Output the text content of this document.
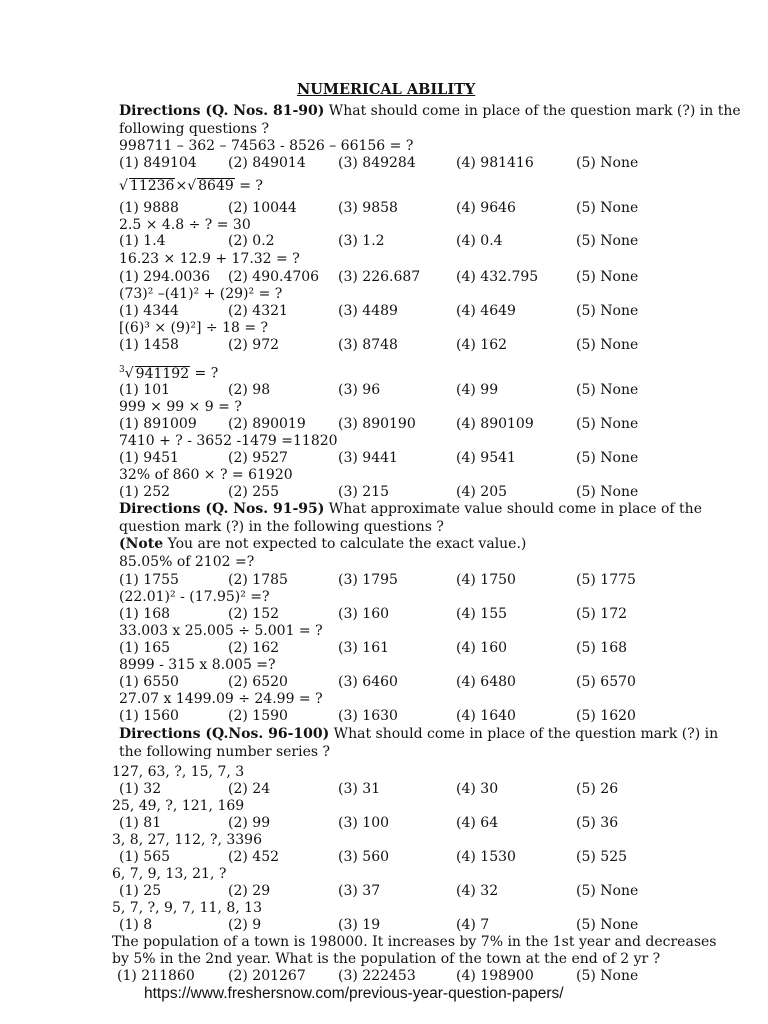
NUMERICAL ABILITY
Directions (Q. Nos. 81-90) What should come in place of the question mark (?) in the
following questions ?
998711 – 362 – 74563 - 8526 – 66156 = ?
(1) 849104 (2) 849014 (3) 849284	(4) 981416	(5) None
√ 11236×√ 8649 = ?
(1) 9888	(2) 10044	(3) 9858	(4) 9646	(5) None
2.5 × 4.8 ÷ ? = 30
(1) 1.4	(2) 0.2	(3) 1.2	(4) 0.4	(5) None
16.23 × 12.9 + 17.32 = ?
(1) 294.0036 (2) 490.4706 (3) 226.687	(4) 432.795	(5) None
(73)² –(41)² + (29)² = ?
(1) 4344	(2) 4321	(3) 4489	(4) 4649	(5) None
[(6)³ × (9)²] ÷ 18 = ?
(1) 1458	(2) 972	(3) 8748	(4) 162	(5) None
$^3$√ 941192 = ?
(1) 101	(2) 98	(3) 96	(4) 99	(5) None
999 × 99 × 9 = ?
(1) 891009 (2) 890019 (3) 890190	(4) 890109	(5) None
7410 + ? - 3652 -1479 =11820
(1) 9451	(2) 9527	(3) 9441	(4) 9541	(5) None
32% of 860 × ? = 61920
(1) 252	(2) 255	(3) 215	(4) 205	(5) None
Directions (Q. Nos. 91-95) What approximate value should come in place of the
question mark (?) in the following questions ?
(Note You are not expected to calculate the exact value.)
85.05% of 2102 =?
(1) 1755	(2) 1785	(3) 1795	(4) 1750	(5) 1775
(22.01)² - (17.95)² =?
(1) 168	(2) 152	(3) 160	(4) 155	(5) 172
33.003 x 25.005 ÷ 5.001 = ?
(1) 165	(2) 162	(3) 161	(4) 160	(5) 168
8999 - 315 x 8.005 =?
(1) 6550	(2) 6520	(3) 6460	(4) 6480	(5) 6570
27.07 x 1499.09 ÷ 24.99 = ?
(1) 1560	(2) 1590	(3) 1630	(4) 1640	(5) 1620
Directions (Q.Nos. 96-100) What should come in place of the question mark (?) in
the following number series ?
127, 63, ?, 15, 7, 3
(1) 32	(2) 24	(3) 31	(4) 30	(5) 26
25, 49, ?, 121, 169
(1) 81	(2) 99	(3) 100	(4) 64	(5) 36
3, 8, 27, 112, ?, 3396
(1) 565	(2) 452	(3) 560	(4) 1530	(5) 525
6, 7, 9, 13, 21, ?
(1) 25	(2) 29	(3) 37	(4) 32	(5) None
5, 7, ?, 9, 7, 11, 8, 13
(1) 8	(2) 9	(3) 19	(4) 7	(5) None
The population of a town is 198000. It increases by 7% in the 1st year and decreases
by 5% in the 2nd year. What is the population of the town at the end of 2 yr ?
(1) 211860 (2) 201267 (3) 222453	(4) 198900	(5) None
https://www.freshersnow.com/previous-year-question-papers/
